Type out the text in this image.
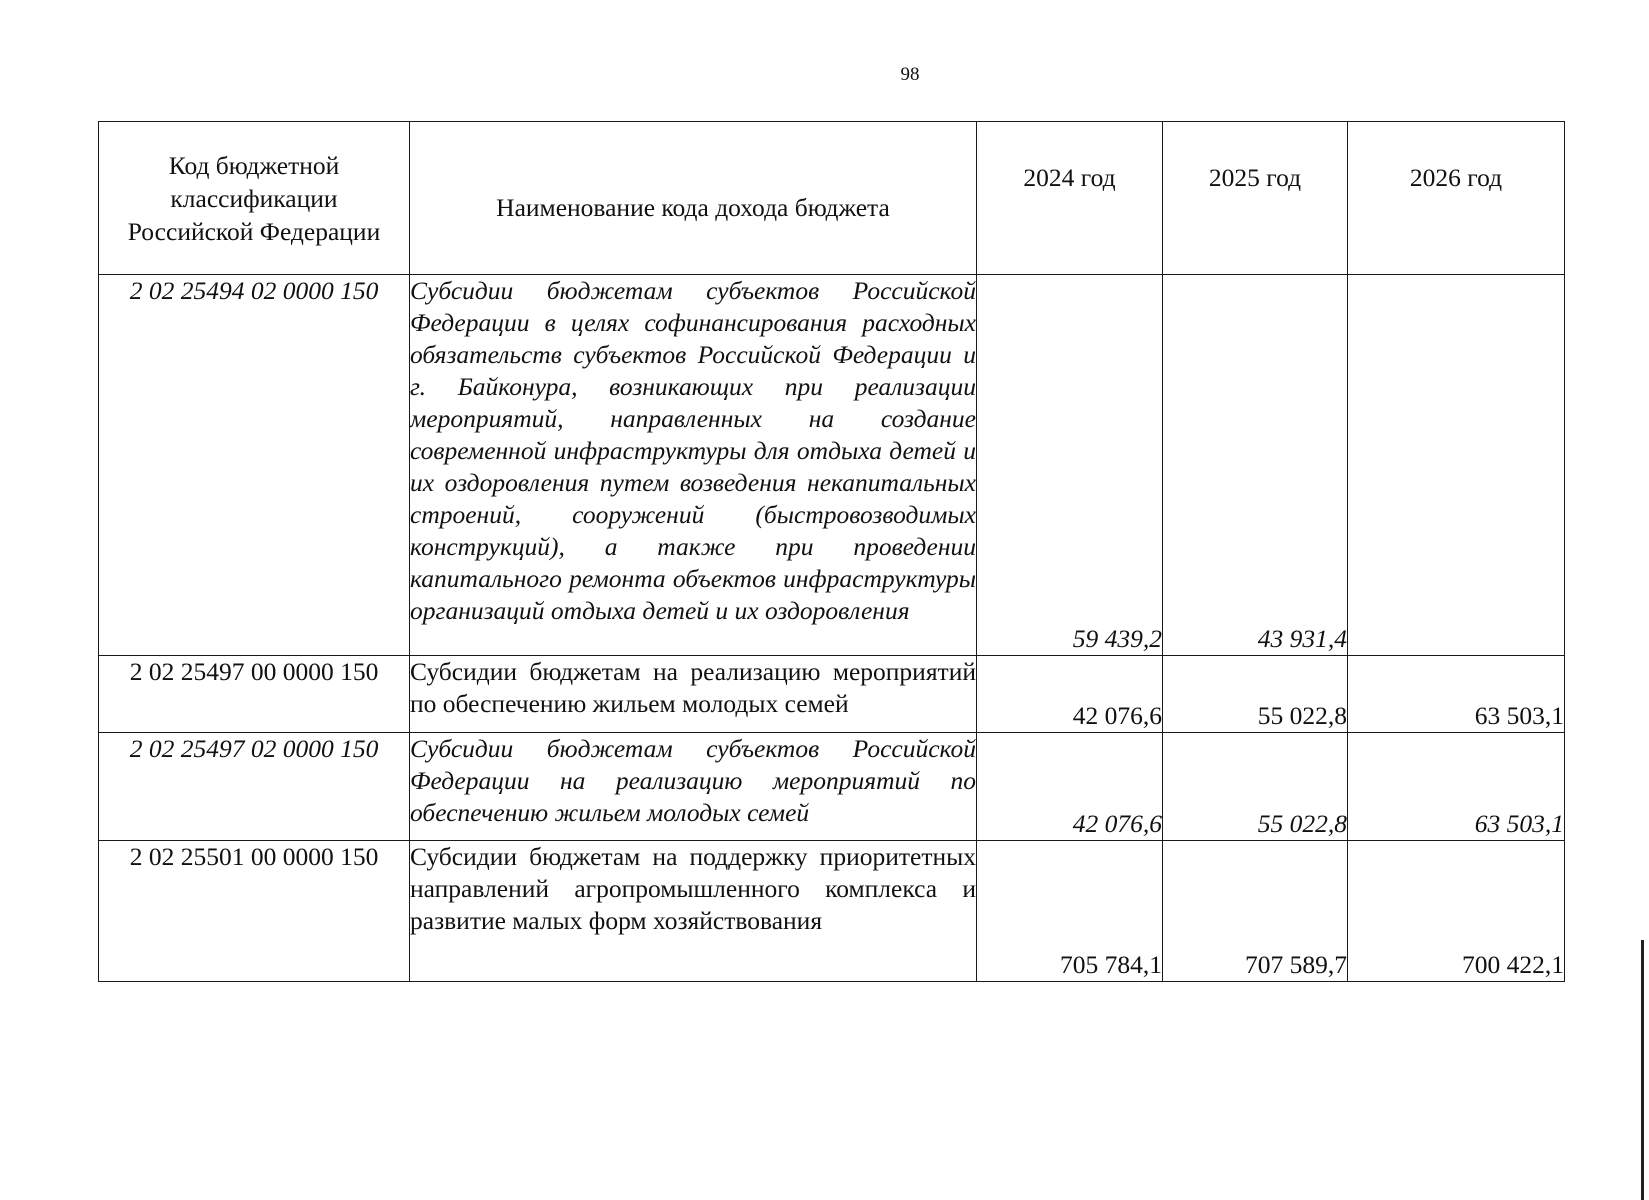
98
Код бюджетной классификации Российской Федерации	Наименование кода дохода бюджета	2024 год	2025 год	2026 год
2 02 25494 02 0000 150	Субсидии бюджетам субъектов Российской Федерации в целях софинансирования расходных обязательств субъектов Российской Федерации и г. Байконура, возникающих при реализации мероприятий, направленных на создание современной инфраструктуры для отдыха детей и их оздоровления путем возведения некапитальных строений, сооружений (быстровозводимых конструкций), а также при проведении капитального ремонта объектов инфраструктуры организаций отдыха детей и их оздоровления	59 439,2	43 931,4	
2 02 25497 00 0000 150	Субсидии бюджетам на реализацию мероприятий по обеспечению жильем молодых семей	42 076,6	55 022,8	63 503,1
2 02 25497 02 0000 150	Субсидии бюджетам субъектов Российской Федерации на реализацию мероприятий по обеспечению жильем молодых семей	42 076,6	55 022,8	63 503,1
2 02 25501 00 0000 150	Субсидии бюджетам на поддержку приоритетных направлений агропромышленного комплекса и развитие малых форм хозяйствования	705 784,1	707 589,7	700 422,1
